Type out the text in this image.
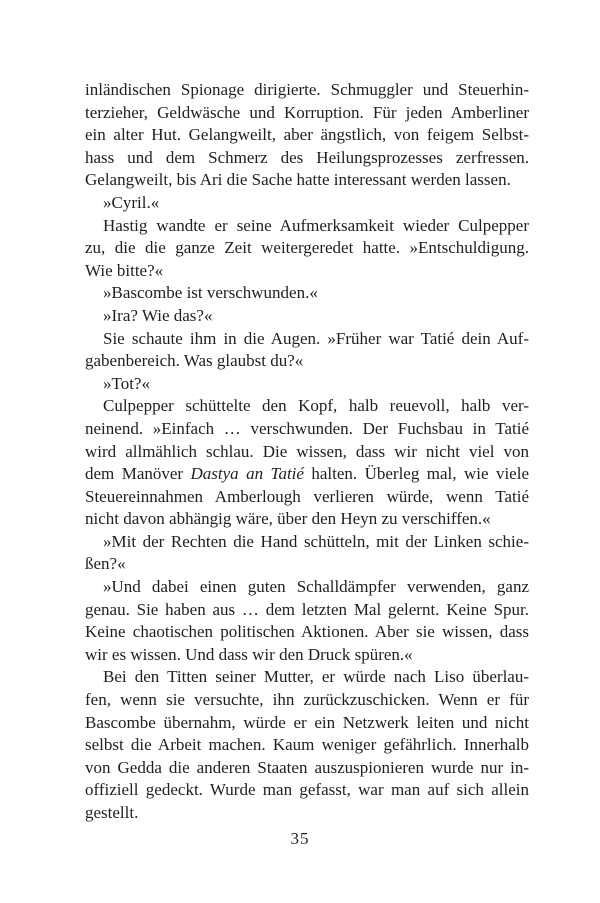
inländischen Spionage dirigierte. Schmuggler und Steuerhin-
terzieher, Geldwäsche und Korruption. Für jeden Amberliner
ein alter Hut. Gelangweilt, aber ängstlich, von feigem Selbst-
hass und dem Schmerz des Heilungsprozesses zerfressen.
Gelangweilt, bis Ari die Sache hatte interessant werden lassen.
»Cyril.«
Hastig wandte er seine Aufmerksamkeit wieder Culpepper
zu, die die ganze Zeit weitergeredet hatte. »Entschuldigung.
Wie bitte?«
»Bascombe ist verschwunden.«
»Ira? Wie das?«
Sie schaute ihm in die Augen. »Früher war Tatié dein Auf-
gabenbereich. Was glaubst du?«
»Tot?«
Culpepper schüttelte den Kopf, halb reuevoll, halb ver-
neinend. »Einfach … verschwunden. Der Fuchsbau in Tatié
wird allmählich schlau. Die wissen, dass wir nicht viel von
dem Manöver Dastya an Tatié halten. Überleg mal, wie viele
Steuereinnahmen Amberlough verlieren würde, wenn Tatié
nicht davon abhängig wäre, über den Heyn zu verschiffen.«
»Mit der Rechten die Hand schütteln, mit der Linken schie-
ßen?«
»Und dabei einen guten Schalldämpfer verwenden, ganz
genau. Sie haben aus … dem letzten Mal gelernt. Keine Spur.
Keine chaotischen politischen Aktionen. Aber sie wissen, dass
wir es wissen. Und dass wir den Druck spüren.«
Bei den Titten seiner Mutter, er würde nach Liso überlau-
fen, wenn sie versuchte, ihn zurückzuschicken. Wenn er für
Bascombe übernahm, würde er ein Netzwerk leiten und nicht
selbst die Arbeit machen. Kaum weniger gefährlich. Innerhalb
von Gedda die anderen Staaten auszuspionieren wurde nur in-
offiziell gedeckt. Wurde man gefasst, war man auf sich allein
gestellt.
35
